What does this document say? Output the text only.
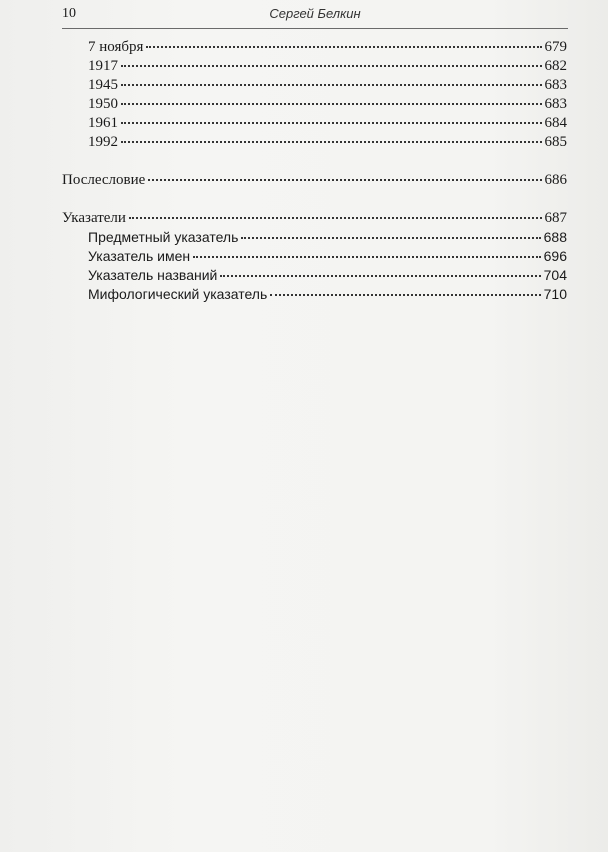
10	Сергей Белкин
7 ноября	679
1917	682
1945	683
1950	683
1961	684
1992	685
Послесловие	686
Указатели	687
Предметный указатель	688
Указатель имен	696
Указатель названий	704
Мифологический указатель	710
